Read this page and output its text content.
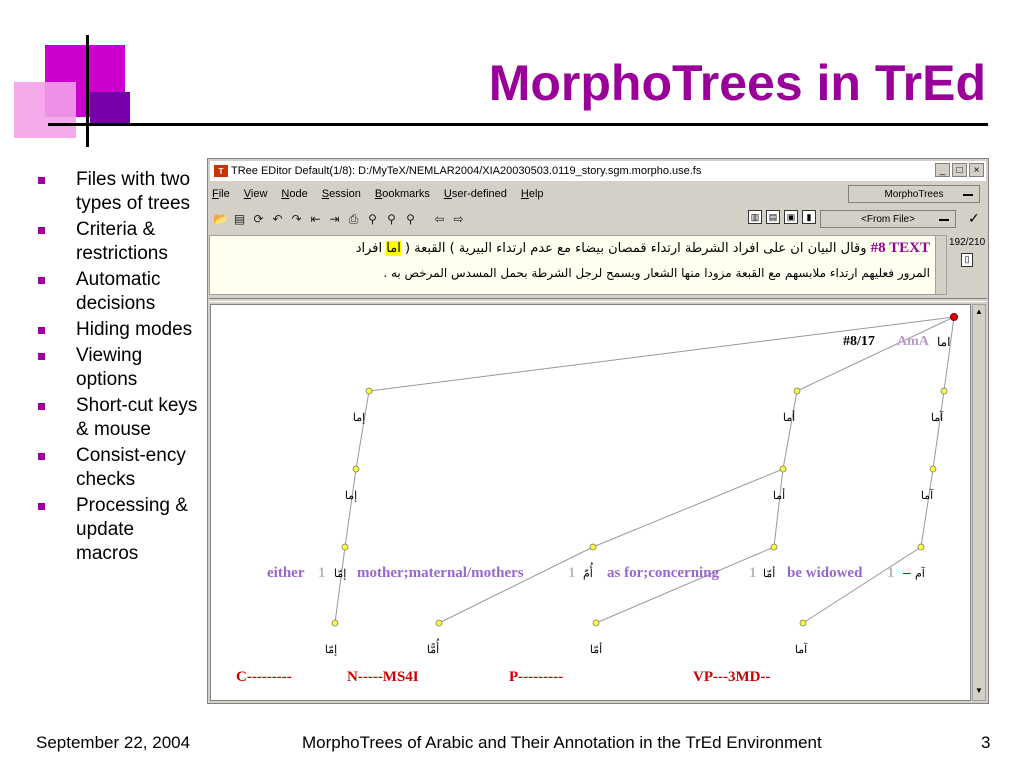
MorphoTrees in TrEd
Files with two types of trees
Criteria & restrictions
Automatic decisions
Hiding modes
Viewing options
Short-cut keys & mouse
Consist-ency checks
Processing & update macros
T TRee EDitor Default(1/8): D:/MyTeX/NEMLAR2004/XIA20030503.0119_story.sgm.morpho.use.fs	_	□	×
File View Node Session Bookmarks User-defined Help	MorphoTrees
📂 ▤ ⟳ ↶ ↷ ⇤ ⇥ ⎙ ⚲ ⚲ ⚲	⇦ ⇨	▥	▤	▣	▮	<From File>	✓
#8 TEXT وقال البيان ان على افراد الشرطة ارتداء قمصان بيضاء مع عدم ارتداء البيرية ) القبعة ( اما افراد
المرور فعليهم ارتداء ملابسهم مع القبعة مزودا منها الشعار ويسمح لرجل الشرطة بحمل المسدس المرخص به .
192/210
▯
#8/17 AmA اما
إما	أما	آما
إما	أما	آما
either 1 إمّا mother;maternal/mothers	1 أُمّ as for;concerning 1 أمّا be widowed 1 – آم
إمّا	أُمًّا	أمّا	آما
C---------	N-----MS4I	P---------	VP---3MD--
▲
▼
September 22, 2004	MorphoTrees of Arabic and Their Annotation in the TrEd Environment	3
